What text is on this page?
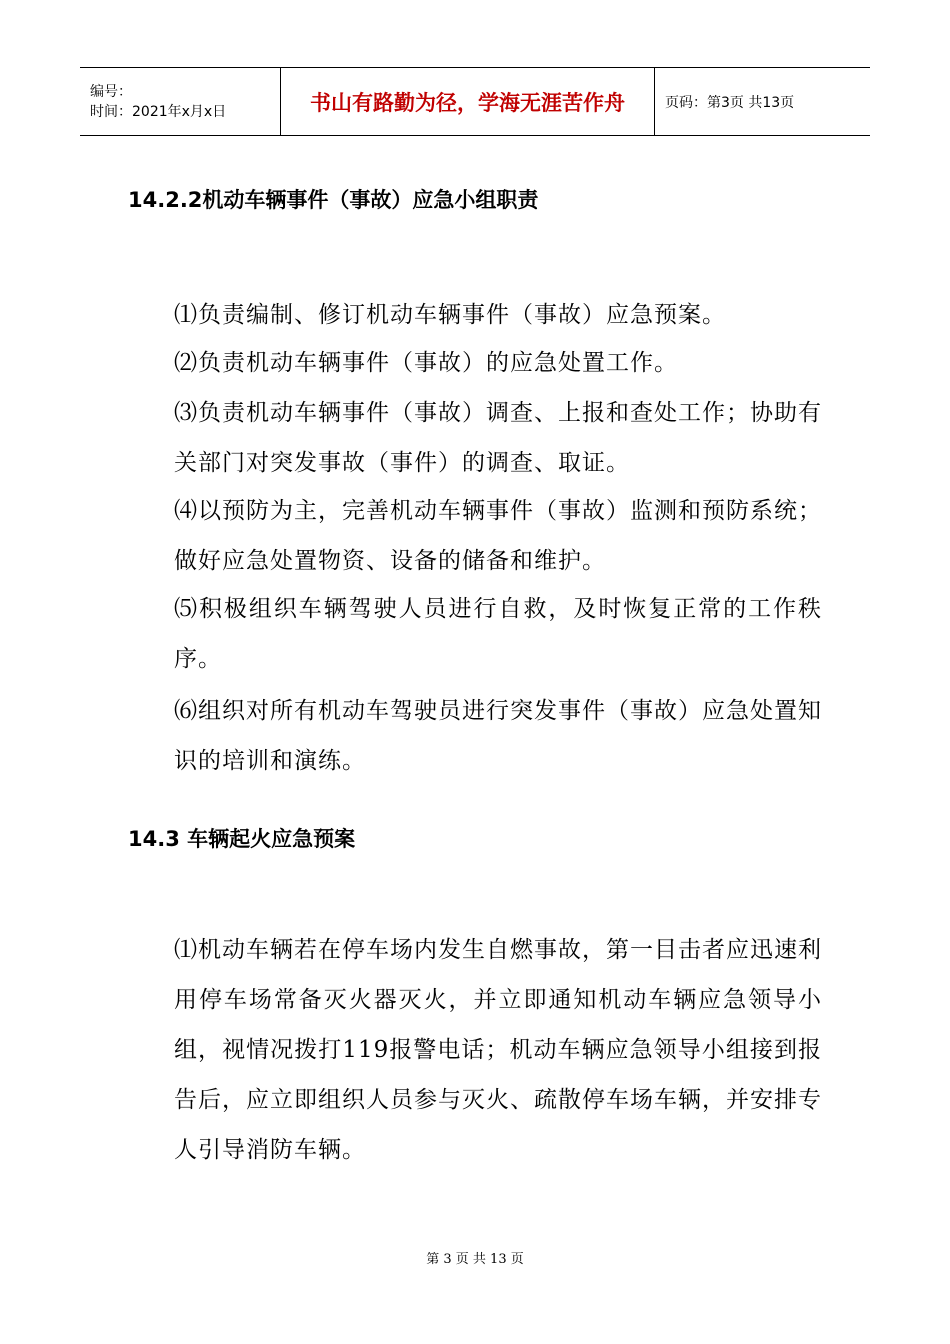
编号：
时间：2021年x月x日	书山有路勤为径，学海无涯苦作舟	页码：第3页 共13页
14.2.2机动车辆事件（事故）应急小组职责
⑴负责编制、修订机动车辆事件（事故）应急预案。
⑵负责机动车辆事件（事故）的应急处置工作。
⑶负责机动车辆事件（事故）调查、上报和查处工作；协助有关部门对突发事故（事件）的调查、取证。
⑷以预防为主，完善机动车辆事件（事故）监测和预防系统；做好应急处置物资、设备的储备和维护。
⑸积极组织车辆驾驶人员进行自救，及时恢复正常的工作秩序。
⑹组织对所有机动车驾驶员进行突发事件（事故）应急处置知识的培训和演练。
14.3 车辆起火应急预案
⑴机动车辆若在停车场内发生自燃事故，第一目击者应迅速利用停车场常备灭火器灭火，并立即通知机动车辆应急领导小组，视情况拨打119报警电话；机动车辆应急领导小组接到报告后，应立即组织人员参与灭火、疏散停车场车辆，并安排专人引导消防车辆。
第 3 页 共 13 页
